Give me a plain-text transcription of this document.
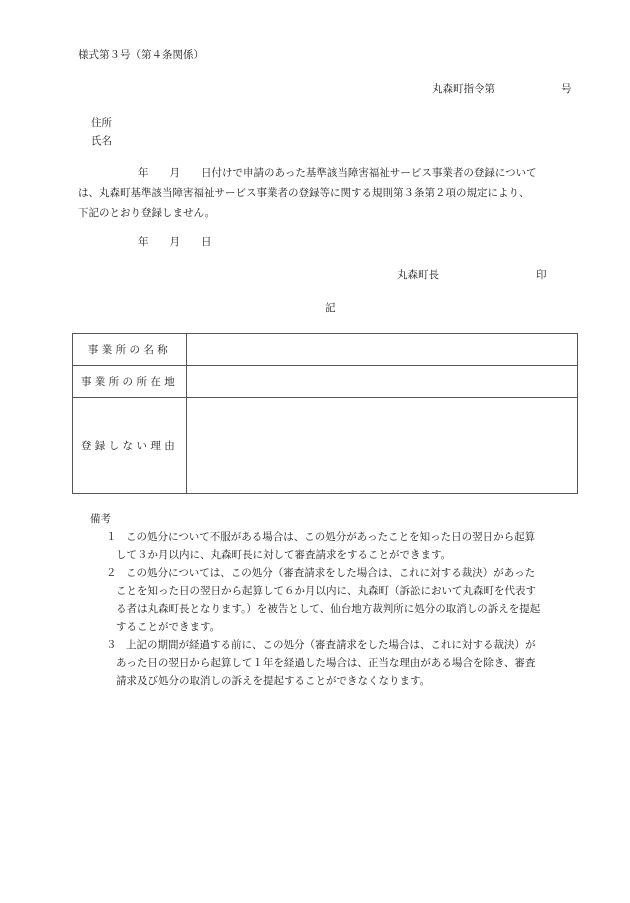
様式第３号（第４条関係）
丸森町指令第	号
住所
氏名
年　　月　　日付けで申請のあった基準該当障害福祉サービス事業者の登録について
は、丸森町基準該当障害福祉サービス事業者の登録等に関する規則第３条第２項の規定により、
下記のとおり登録しません。
年　　月　　日
丸森町長	印
記
事業所の名称	
事業所の所在地	
登録しない理由	
備考
１ この処分について不服がある場合は、この処分があったことを知った日の翌日から起算
して３か月以内に、丸森町長に対して審査請求をすることができます。
２ この処分については、この処分（審査請求をした場合は、これに対する裁決）があった
ことを知った日の翌日から起算して６か月以内に、丸森町（訴訟において丸森町を代表す
る者は丸森町長となります。）を被告として、仙台地方裁判所に処分の取消しの訴えを提起
することができます。
３ 上記の期間が経過する前に、この処分（審査請求をした場合は、これに対する裁決）が
あった日の翌日から起算して１年を経過した場合は、正当な理由がある場合を除き、審査
請求及び処分の取消しの訴えを提起することができなくなります。
